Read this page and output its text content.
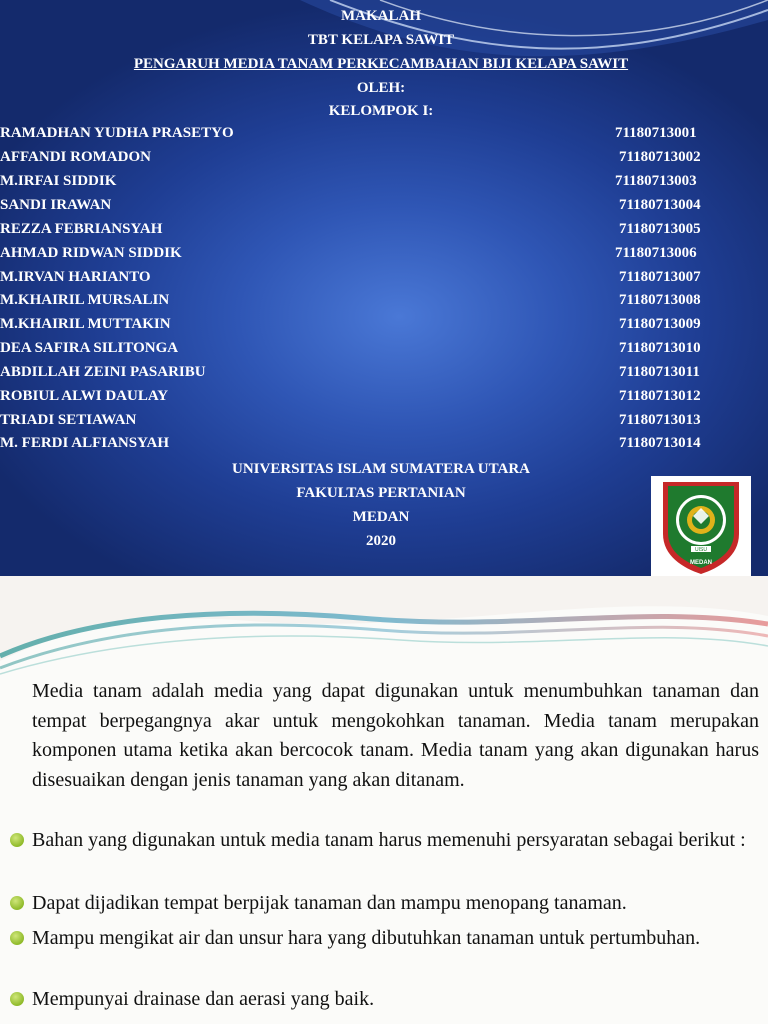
MAKALAH
TBT KELAPA SAWIT
PENGARUH MEDIA TANAM PERKECAMBAHAN BIJI KELAPA SAWIT
OLEH:
KELOMPOK I:
RAMADHAN YUDHA PRASETYO	71180713001
AFFANDI ROMADON	71180713002
M.IRFAI SIDDIK	71180713003
SANDI IRAWAN	71180713004
REZZA FEBRIANSYAH	71180713005
AHMAD RIDWAN SIDDIK	71180713006
M.IRVAN HARIANTO	71180713007
M.KHAIRIL MURSALIN	71180713008
M.KHAIRIL MUTTAKIN	71180713009
DEA SAFIRA SILITONGA	71180713010
ABDILLAH ZEINI PASARIBU	71180713011
ROBIUL ALWI DAULAY	71180713012
TRIADI SETIAWAN	71180713013
M. FERDI ALFIANSYAH	71180713014
UNIVERSITAS ISLAM SUMATERA UTARA
FAKULTAS PERTANIAN
MEDAN
2020
UISU
MEDAN

Media tanam adalah media yang dapat digunakan untuk menumbuhkan tanaman dan tempat berpegangnya akar untuk mengokohkan tanaman. Media tanam merupakan komponen utama ketika akan bercocok tanam. Media tanam yang akan digunakan harus disesuaikan dengan jenis tanaman yang akan ditanam.

Bahan yang digunakan untuk media tanam harus memenuhi persyaratan sebagai berikut :

Dapat dijadikan tempat berpijak tanaman dan mampu menopang tanaman.

Mampu mengikat air dan unsur hara yang dibutuhkan tanaman untuk pertumbuhan.

Mempunyai drainase dan aerasi yang baik.
